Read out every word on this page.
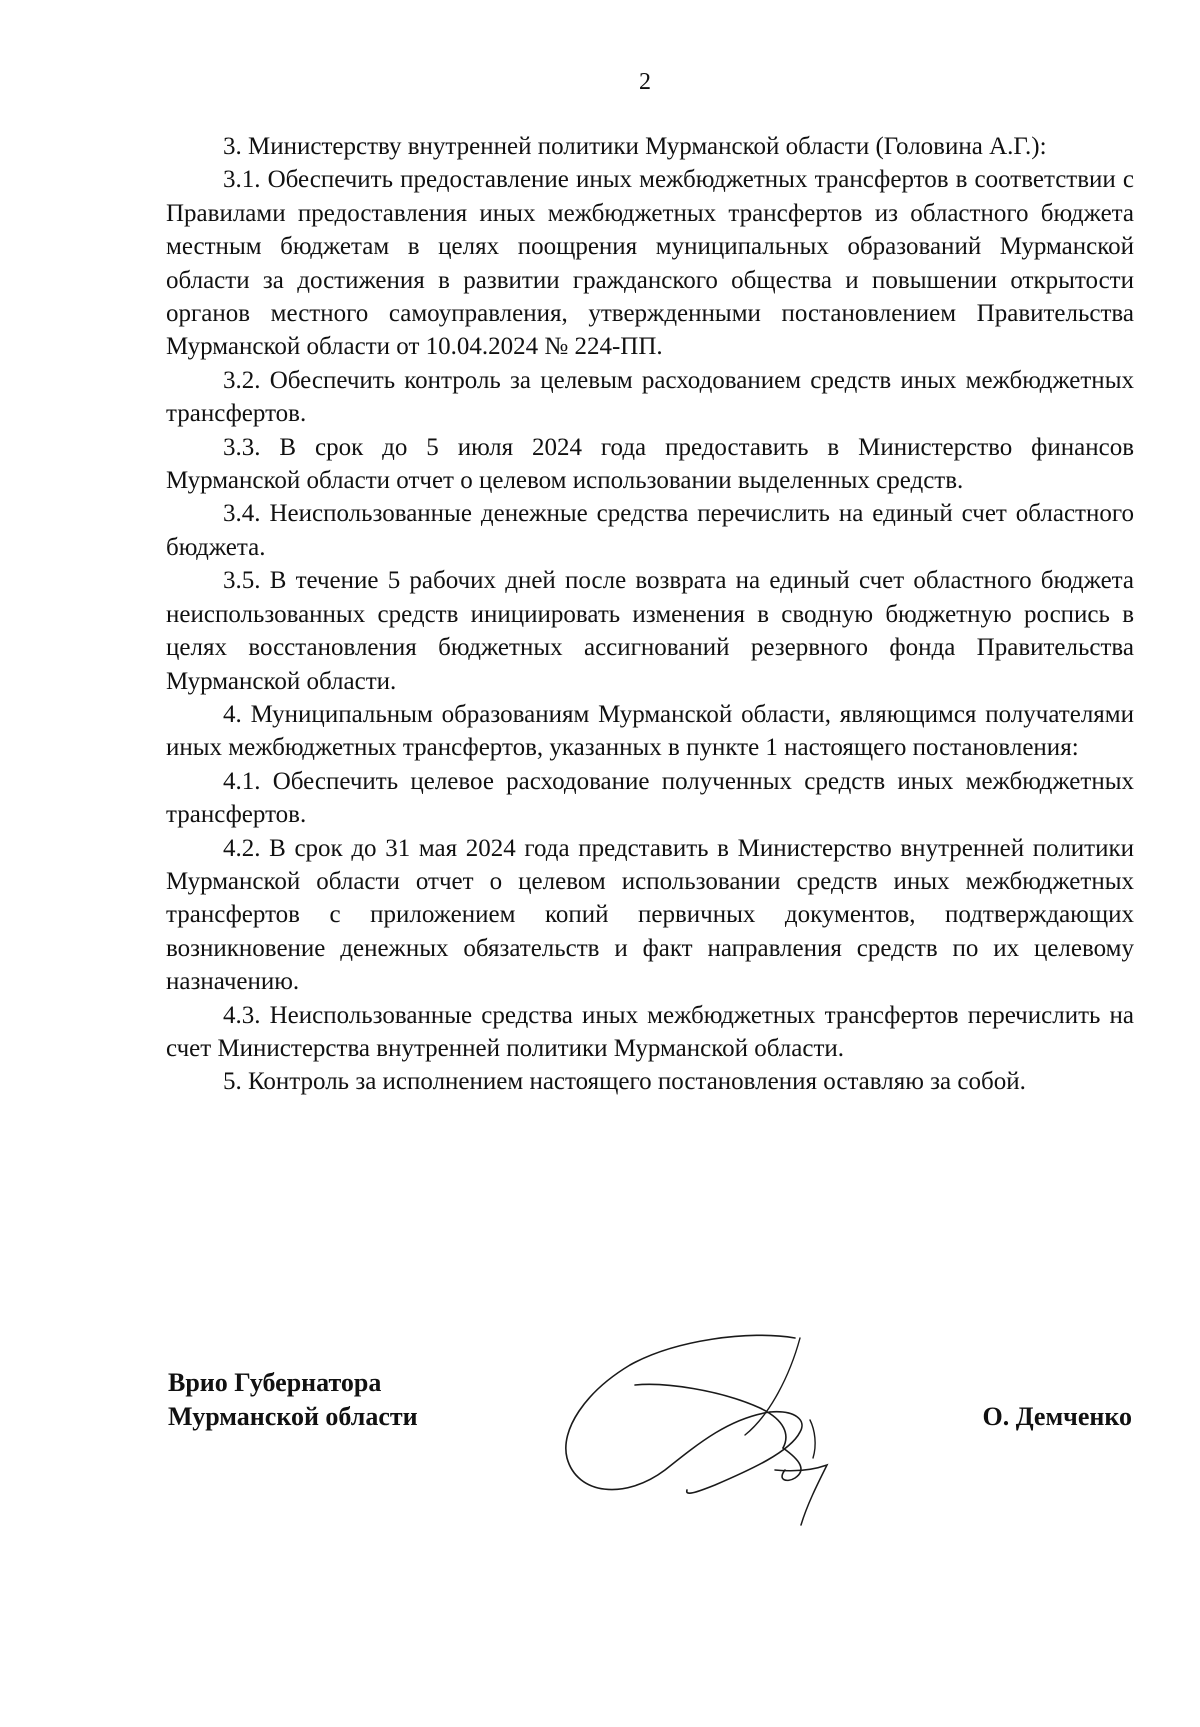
2

3. Министерству внутренней политики Мурманской области (Головина А.Г.):

3.1. Обеспечить предоставление иных межбюджетных трансфертов в соответствии с Правилами предоставления иных межбюджетных трансфертов из областного бюджета местным бюджетам в целях поощрения муниципальных образований Мурманской области за достижения в развитии гражданского общества и повышении открытости органов местного самоуправления, утвержденными постановлением Правительства Мурманской области от 10.04.2024 № 224-ПП.

3.2. Обеспечить контроль за целевым расходованием средств иных межбюджетных трансфертов.

3.3. В срок до 5 июля 2024 года предоставить в Министерство финансов Мурманской области отчет о целевом использовании выделенных средств.

3.4. Неиспользованные денежные средства перечислить на единый счет областного бюджета.

3.5. В течение 5 рабочих дней после возврата на единый счет областного бюджета неиспользованных средств инициировать изменения в сводную бюджетную роспись в целях восстановления бюджетных ассигнований резервного фонда Правительства Мурманской области.

4. Муниципальным образованиям Мурманской области, являющимся получателями иных межбюджетных трансфертов, указанных в пункте 1 настоящего постановления:

4.1. Обеспечить целевое расходование полученных средств иных межбюджетных трансфертов.

4.2. В срок до 31 мая 2024 года представить в Министерство внутренней политики Мурманской области отчет о целевом использовании средств иных межбюджетных трансфертов с приложением копий первичных документов, подтверждающих возникновение денежных обязательств и факт направления средств по их целевому назначению.

4.3. Неиспользованные средства иных межбюджетных трансфертов перечислить на счет Министерства внутренней политики Мурманской области.

5. Контроль за исполнением настоящего постановления оставляю за собой.

Врио Губернатора
Мурманской области	О. Демченко
